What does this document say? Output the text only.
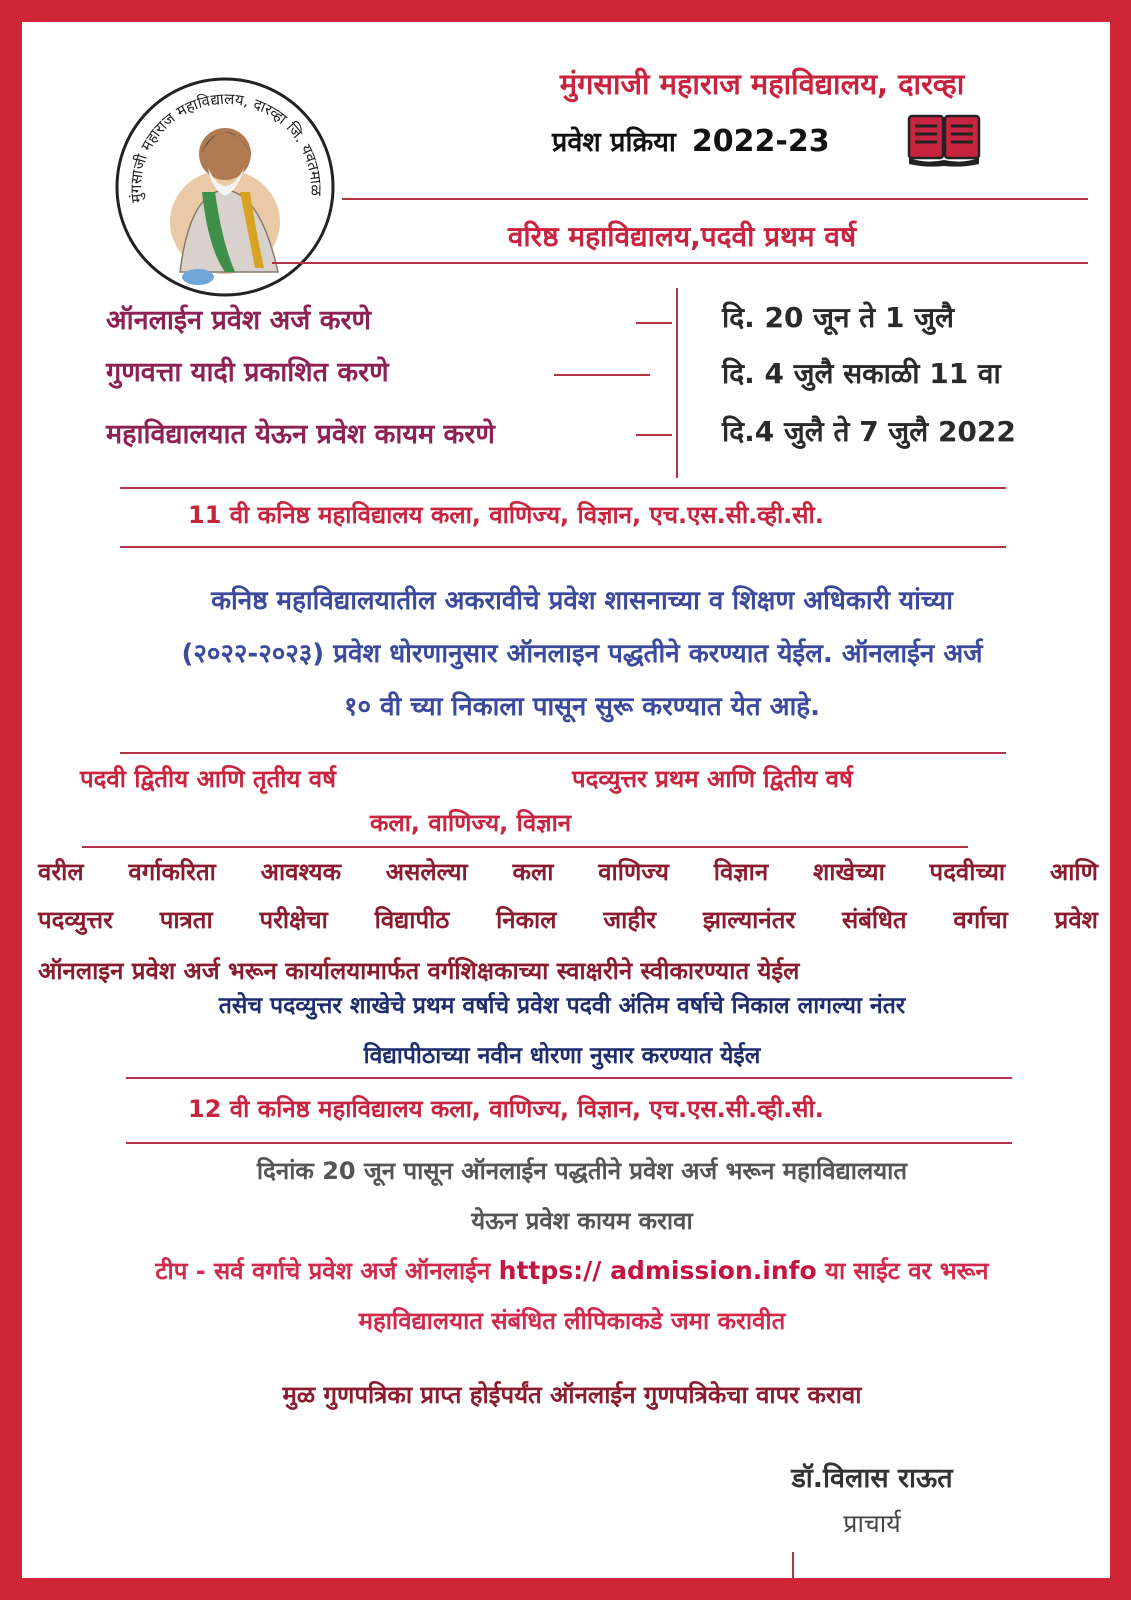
मुंगसाजी महाराज महाविद्यालय, दारव्हा जि. यवतमाळ
मुंगसाजी महाराज महाविद्यालय, दारव्हा
प्रवेश प्रक्रिया 2022-23
वरिष्ठ महाविद्यालय,पदवी प्रथम वर्ष
ऑनलाईन प्रवेश अर्ज करणे	दि. 20 जून ते 1 जुलै
गुणवत्ता यादी प्रकाशित करणे	दि. 4 जुलै सकाळी 11 वा
महाविद्यालयात येऊन प्रवेश कायम करणे	दि.4 जुलै ते 7 जुलै 2022
11 वी कनिष्ठ महाविद्यालय कला, वाणिज्य, विज्ञान, एच.एस.सी.व्ही.सी.
कनिष्ठ महाविद्यालयातील अकरावीचे प्रवेश शासनाच्या व शिक्षण अधिकारी यांच्या
(२०२२-२०२३) प्रवेश धोरणानुसार ऑनलाइन पद्धतीने करण्यात येईल. ऑनलाईन अर्ज
१० वी च्या निकाला पासून सुरू करण्यात येत आहे.
पदवी द्वितीय आणि तृतीय वर्ष	पदव्युत्तर प्रथम आणि द्वितीय वर्ष
कला, वाणिज्य, विज्ञान
वरील वर्गाकरिता आवश्यक असलेल्या कला वाणिज्य विज्ञान शाखेच्या पदवीच्या आणि
पदव्युत्तर पात्रता परीक्षेचा विद्यापीठ निकाल जाहीर झाल्यानंतर संबंधित वर्गाचा प्रवेश
ऑनलाइन प्रवेश अर्ज भरून कार्यालयामार्फत वर्गशिक्षकाच्या स्वाक्षरीने स्वीकारण्यात येईल
तसेच पदव्युत्तर शाखेचे प्रथम वर्षाचे प्रवेश पदवी अंतिम वर्षाचे निकाल लागल्या नंतर
विद्यापीठाच्या नवीन धोरणा नुसार करण्यात येईल
12 वी कनिष्ठ महाविद्यालय कला, वाणिज्य, विज्ञान, एच.एस.सी.व्ही.सी.
दिनांक 20 जून पासून ऑनलाईन पद्धतीने प्रवेश अर्ज भरून महाविद्यालयात
येऊन प्रवेश कायम करावा
टीप - सर्व वर्गाचे प्रवेश अर्ज ऑनलाईन https:// admission.info या साईट वर भरून
महाविद्यालयात संबंधित लीपिकाकडे जमा करावीत
मुळ गुणपत्रिका प्राप्त होईपर्यंत ऑनलाईन गुणपत्रिकेचा वापर करावा
डॉ.विलास राऊत
प्राचार्य
